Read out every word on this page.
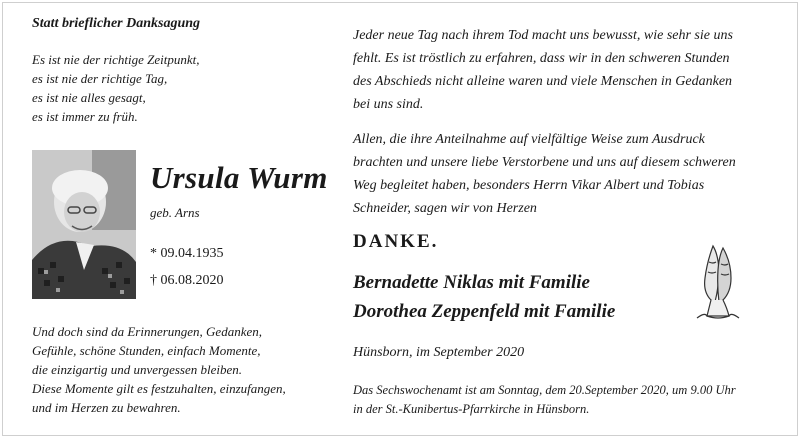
Statt brieflicher Danksagung
Es ist nie der richtige Zeitpunkt,
es ist nie der richtige Tag,
es ist nie alles gesagt,
es ist immer zu früh.
Ursula Wurm
geb. Arns
* 09.04.1935
† 06.08.2020
Und doch sind da Erinnerungen, Gedanken,
Gefühle, schöne Stunden, einfach Momente,
die einzigartig und unvergessen bleiben.
Diese Momente gilt es festzuhalten, einzufangen,
und im Herzen zu bewahren.
Jeder neue Tag nach ihrem Tod macht uns bewusst, wie sehr sie uns
fehlt. Es ist tröstlich zu erfahren, dass wir in den schweren Stunden
des Abschieds nicht alleine waren und viele Menschen in Gedanken
bei uns sind.
Allen, die ihre Anteilnahme auf vielfältige Weise zum Ausdruck
brachten und unsere liebe Verstorbene und uns auf diesem schweren
Weg begleitet haben, besonders Herrn Vikar Albert und Tobias
Schneider, sagen wir von Herzen
DANKE.
Bernadette Niklas mit Familie
Dorothea Zeppenfeld mit Familie
Hünsborn, im September 2020
Das Sechswochenamt ist am Sonntag, dem 20.September 2020, um 9.00 Uhr
in der St.-Kunibertus-Pfarrkirche in Hünsborn.
